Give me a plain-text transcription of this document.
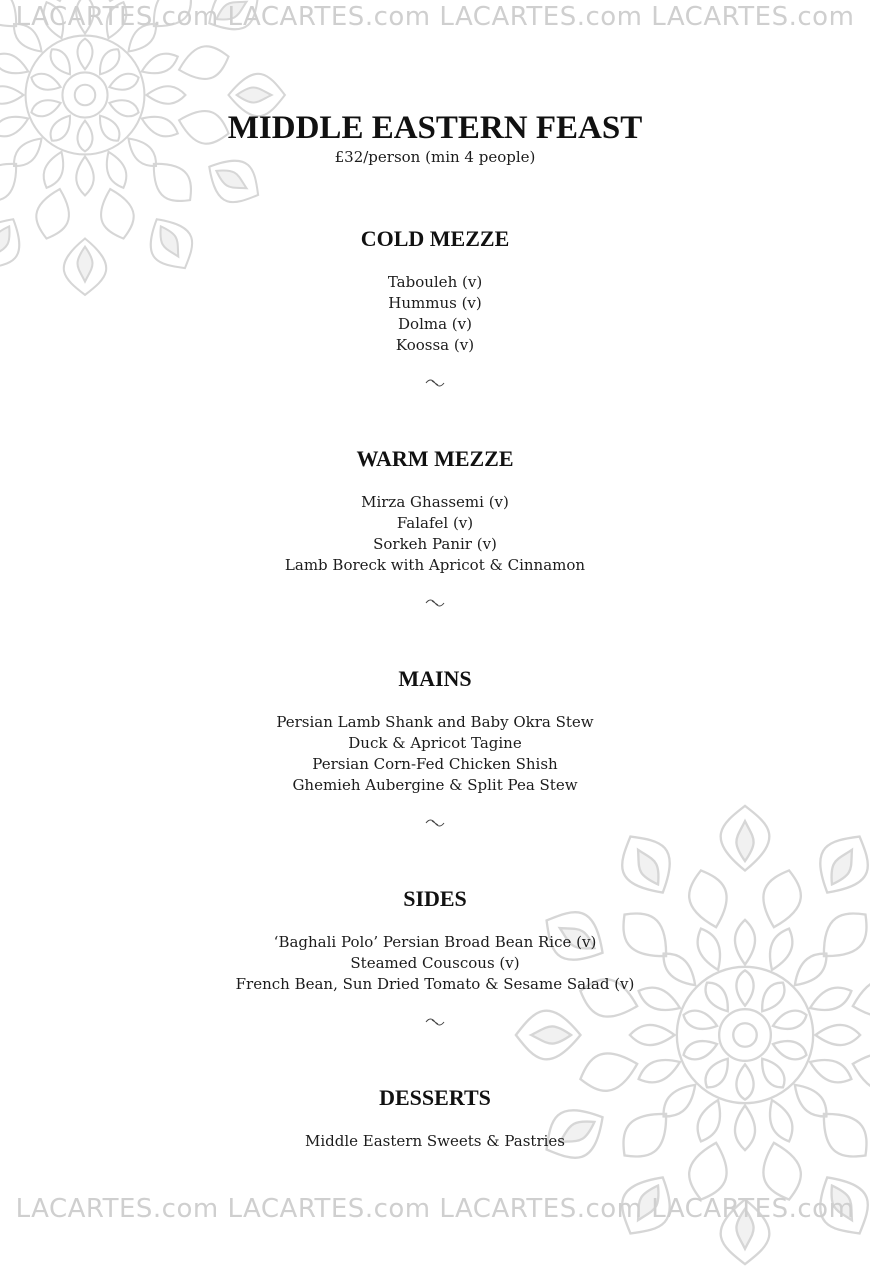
LACARTES.com LACARTES.com LACARTES.com LACARTES.com
LACARTES.com LACARTES.com LACARTES.com LACARTES.com
MIDDLE EASTERN FEAST

£32/person (min 4 people)

COLD MEZZE
Tabouleh (v)
Hummus (v)
Dolma (v)
Koossa (v)
WARM MEZZE
Mirza Ghassemi (v)
Falafel (v)
Sorkeh Panir (v)
Lamb Boreck with Apricot & Cinnamon
MAINS
Persian Lamb Shank and Baby Okra Stew
Duck & Apricot Tagine
Persian Corn-Fed Chicken Shish
Ghemieh Aubergine & Split Pea Stew
SIDES
‘Baghali Polo’ Persian Broad Bean Rice (v)
Steamed Couscous (v)
French Bean, Sun Dried Tomato & Sesame Salad (v)
DESSERTS
Middle Eastern Sweets & Pastries
